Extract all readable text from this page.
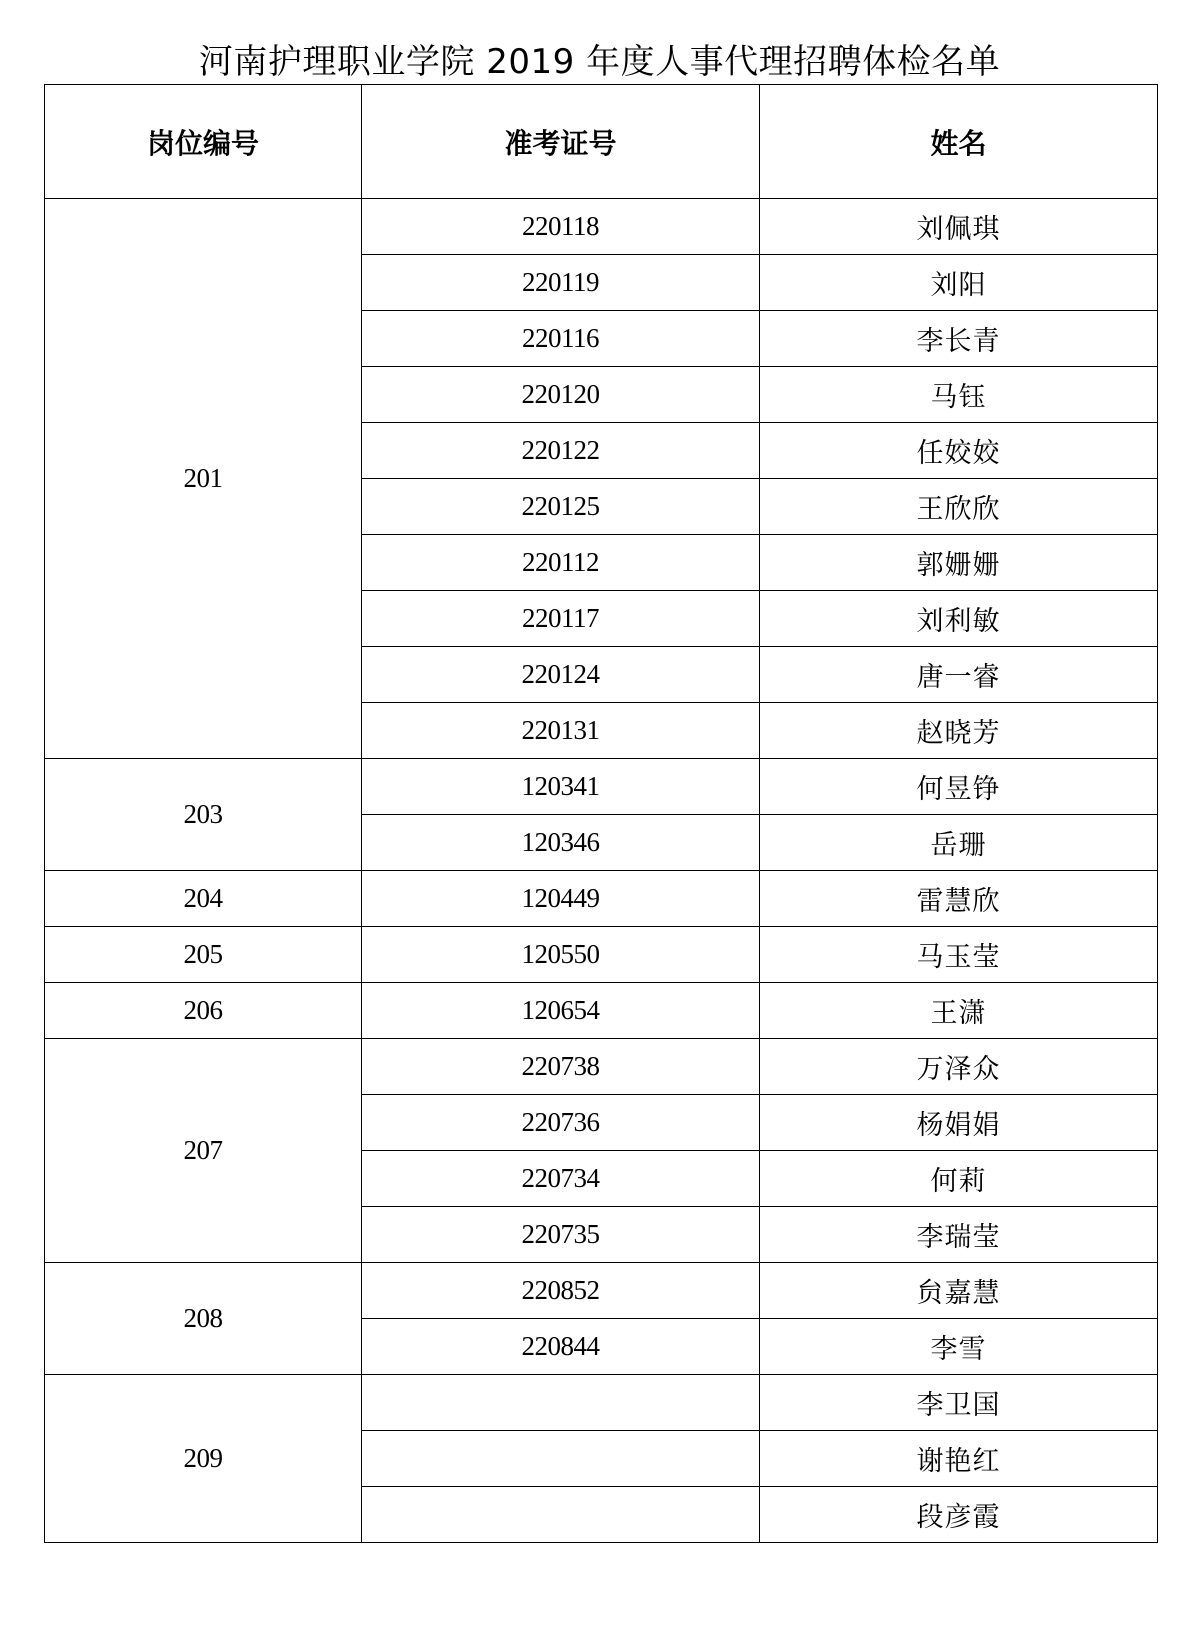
河南护理职业学院 2019 年度人事代理招聘体检名单
岗位编号	准考证号	姓名
201	220118	刘佩琪
	220119	刘阳
	220116	李长青
	220120	马钰
	220122	任姣姣
	220125	王欣欣
	220112	郭姗姗
	220117	刘利敏
	220124	唐一睿
	220131	赵晓芳
203	120341	何昱铮
	120346	岳珊
204	120449	雷慧欣
205	120550	马玉莹
206	120654	王潇
207	220738	万泽众
	220736	杨娟娟
	220734	何莉
	220735	李瑞莹
208	220852	贠嘉慧
	220844	李雪
209		李卫国
		谢艳红
		段彦霞
